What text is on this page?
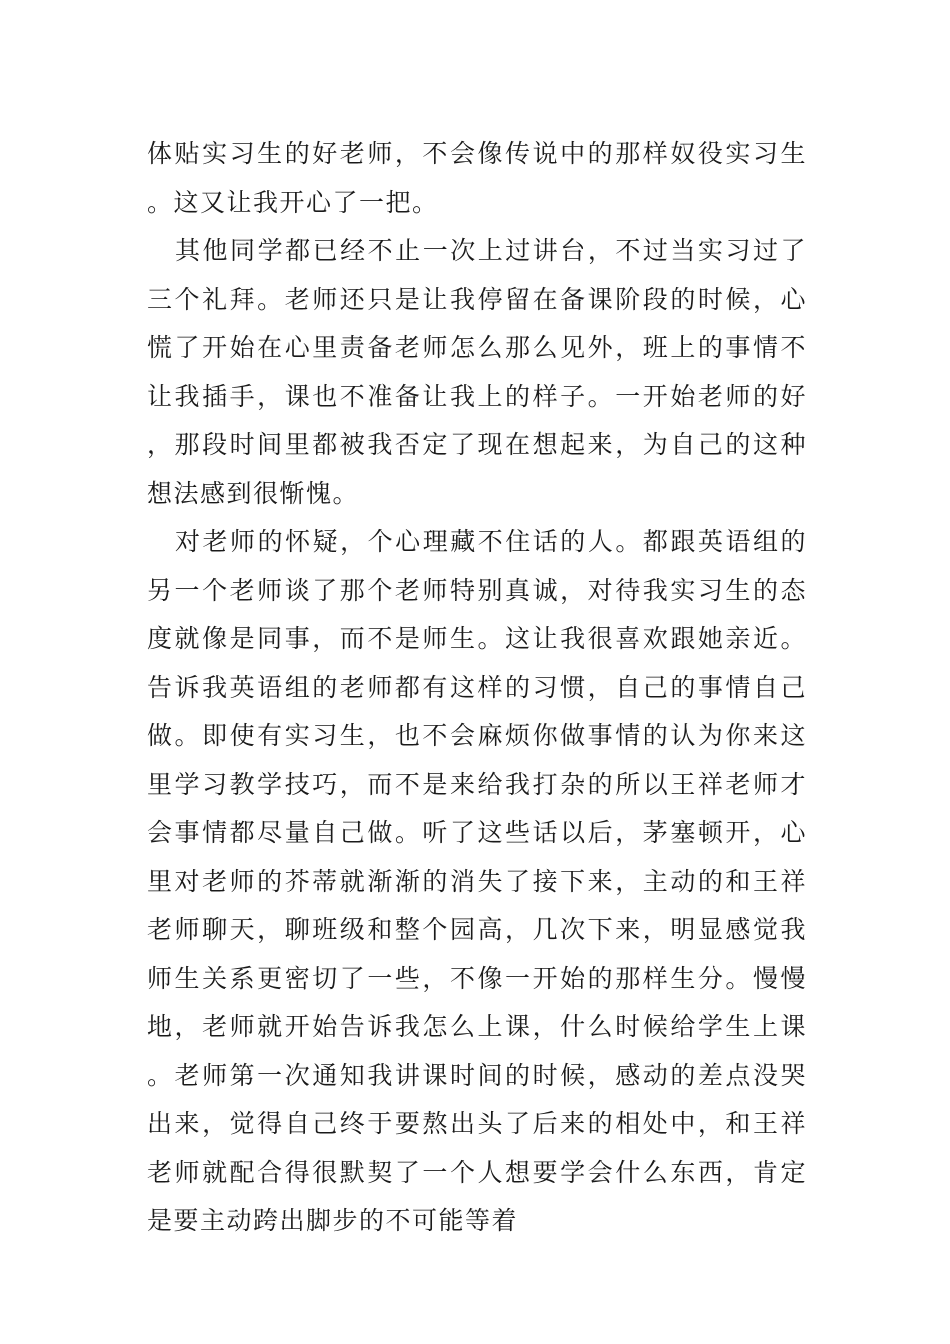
体贴实习生的好老师，不会像传说中的那样奴役实习生。这又让我开心了一把。

其他同学都已经不止一次上过讲台，不过当实习过了三个礼拜。老师还只是让我停留在备课阶段的时候，心慌了开始在心里责备老师怎么那么见外，班上的事情不让我插手，课也不准备让我上的样子。一开始老师的好，那段时间里都被我否定了现在想起来，为自己的这种想法感到很惭愧。

对老师的怀疑，个心理藏不住话的人。都跟英语组的另一个老师谈了那个老师特别真诚，对待我实习生的态度就像是同事，而不是师生。这让我很喜欢跟她亲近。告诉我英语组的老师都有这样的习惯，自己的事情自己做。即使有实习生，也不会麻烦你做事情的认为你来这里学习教学技巧，而不是来给我打杂的所以王祥老师才会事情都尽量自己做。听了这些话以后，茅塞顿开，心里对老师的芥蒂就渐渐的消失了接下来，主动的和王祥老师聊天，聊班级和整个园高，几次下来，明显感觉我师生关系更密切了一些，不像一开始的那样生分。慢慢地，老师就开始告诉我怎么上课，什么时候给学生上课。老师第一次通知我讲课时间的时候，感动的差点没哭出来，觉得自己终于要熬出头了后来的相处中，和王祥老师就配合得很默契了一个人想要学会什么东西，肯定是要主动跨出脚步的不可能等着
